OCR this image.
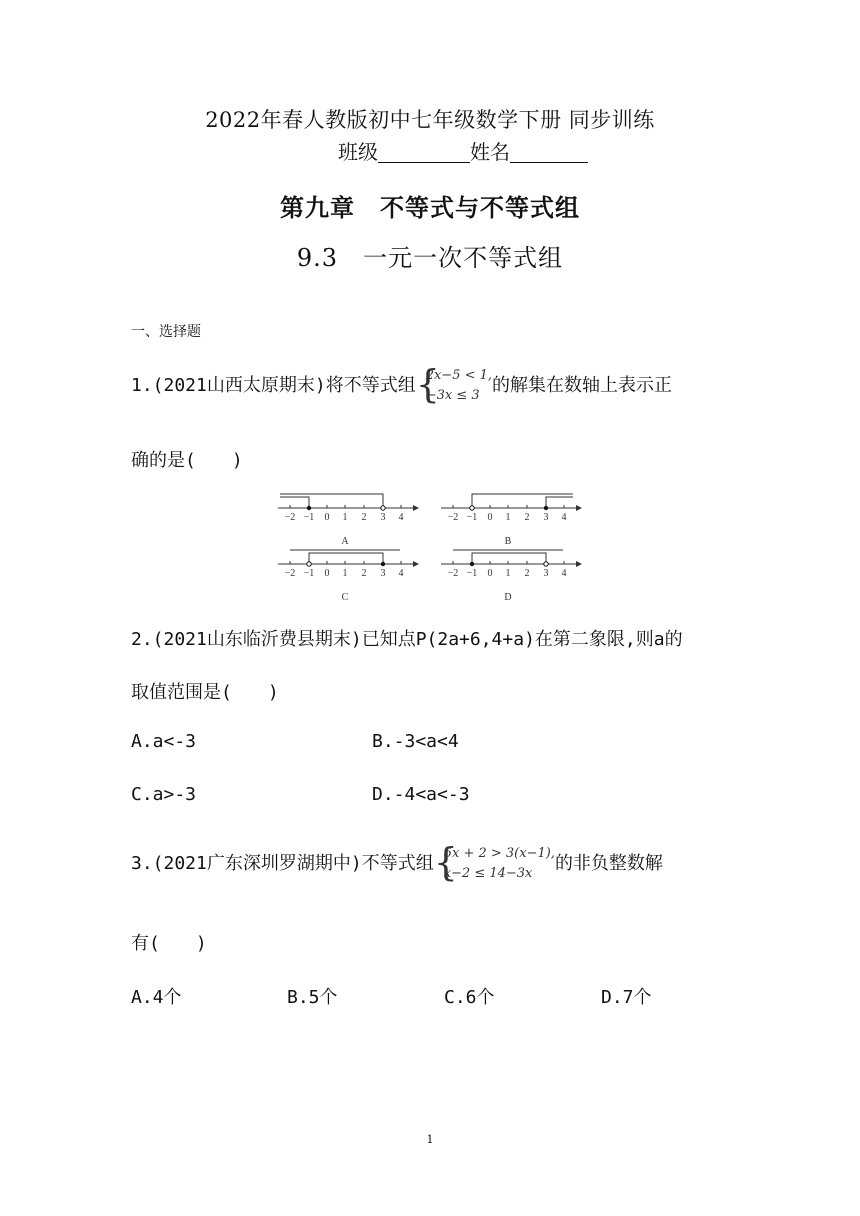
2022年春人教版初中七年级数学下册 同步训练
班级	姓名
第九章　不等式与不等式组
9.3　一元一次不等式组
一、选择题
1.(2021山西太原期末)将不等式组 {
2x−5 < 1,
−3x ≤ 3 的解集在数轴上表示正
确的是(　　)
−2 −1 0 1 2 3 4
A
−2 −1 0 1 2 3 4
B
−2 −1 0 1 2 3 4
C
−2 −1 0 1 2 3 4
D
2.(2021山东临沂费县期末)已知点P(2a+6,4+a)在第二象限,则a的
取值范围是(　　)
A.a<-3	B.-3<a<4
C.a>-3	D.-4<a<-3
3.(2021广东深圳罗湖期中)不等式组 {
5x + 2 > 3(x−1),
x−2 ≤ 14−3x	的非负整数解
有(　　)
A.4个	B.5个	C.6个	D.7个
1
